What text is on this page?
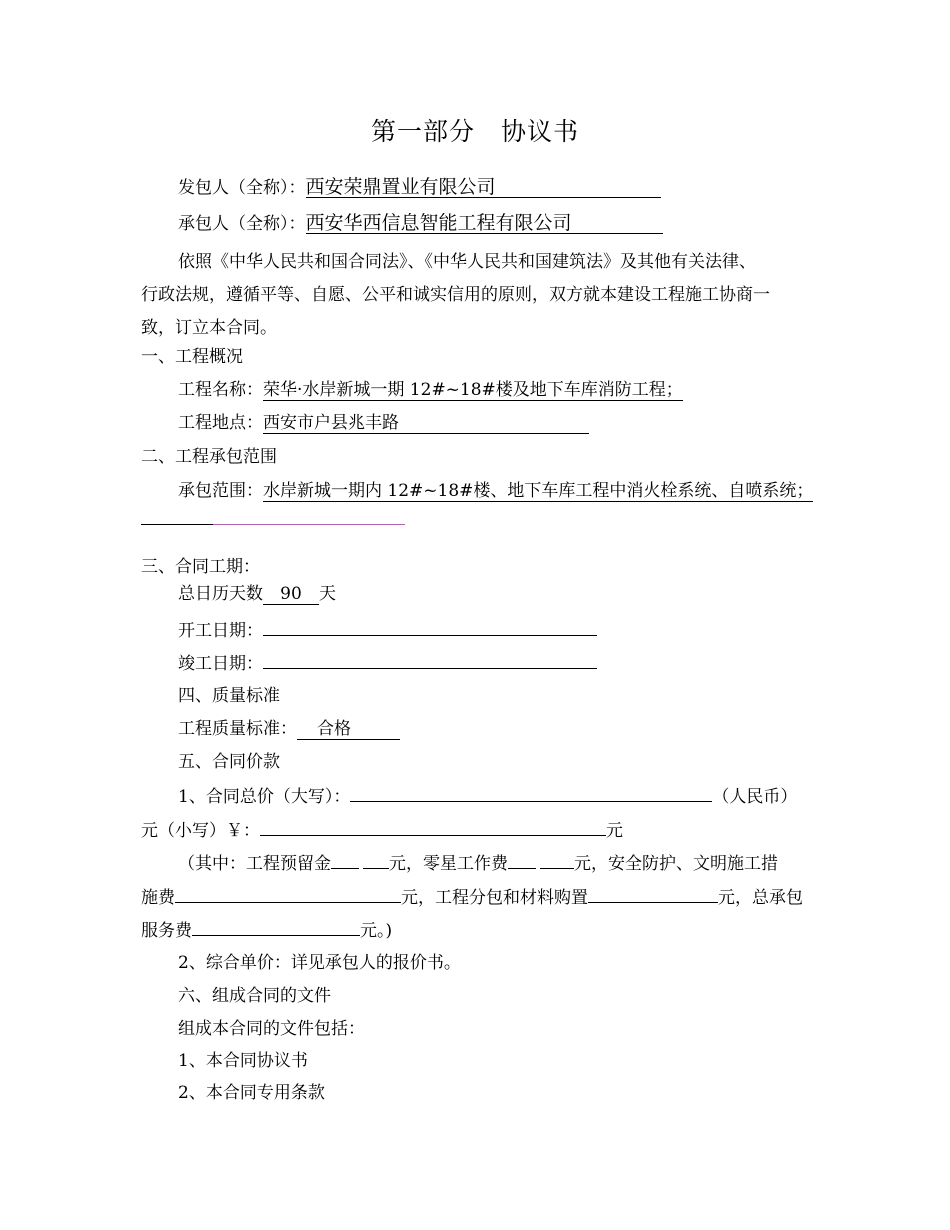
第一部分　协议书
发包人（全称）：西安荣鼎置业有限公司
承包人（全称）：西安华西信息智能工程有限公司
依照《中华人民共和国合同法》、《中华人民共和国建筑法》及其他有关法律、
行政法规，遵循平等、自愿、公平和诚实信用的原则，双方就本建设工程施工协商一
致，订立本合同。
一、工程概况
工程名称：荣华·水岸新城一期 12#~18#楼及地下车库消防工程；
工程地点：西安市户县兆丰路
二、工程承包范围
承包范围：水岸新城一期内 12#~18#楼、地下车库工程中消火栓系统、自喷系统；
三、合同工期：
总日历天数 90 天
开工日期：
竣工日期：
四、质量标准
工程质量标准： 合格
五、合同价款
1、合同总价（大写）：	（人民币）
元（小写）￥：	元
（其中：工程预留金	元，零星工作费	元，安全防护、文明施工措
施费	元，工程分包和材料购置	元，总承包
服务费	元。)
2、综合单价：详见承包人的报价书。
六、组成合同的文件
组成本合同的文件包括：
1、本合同协议书
2、本合同专用条款
